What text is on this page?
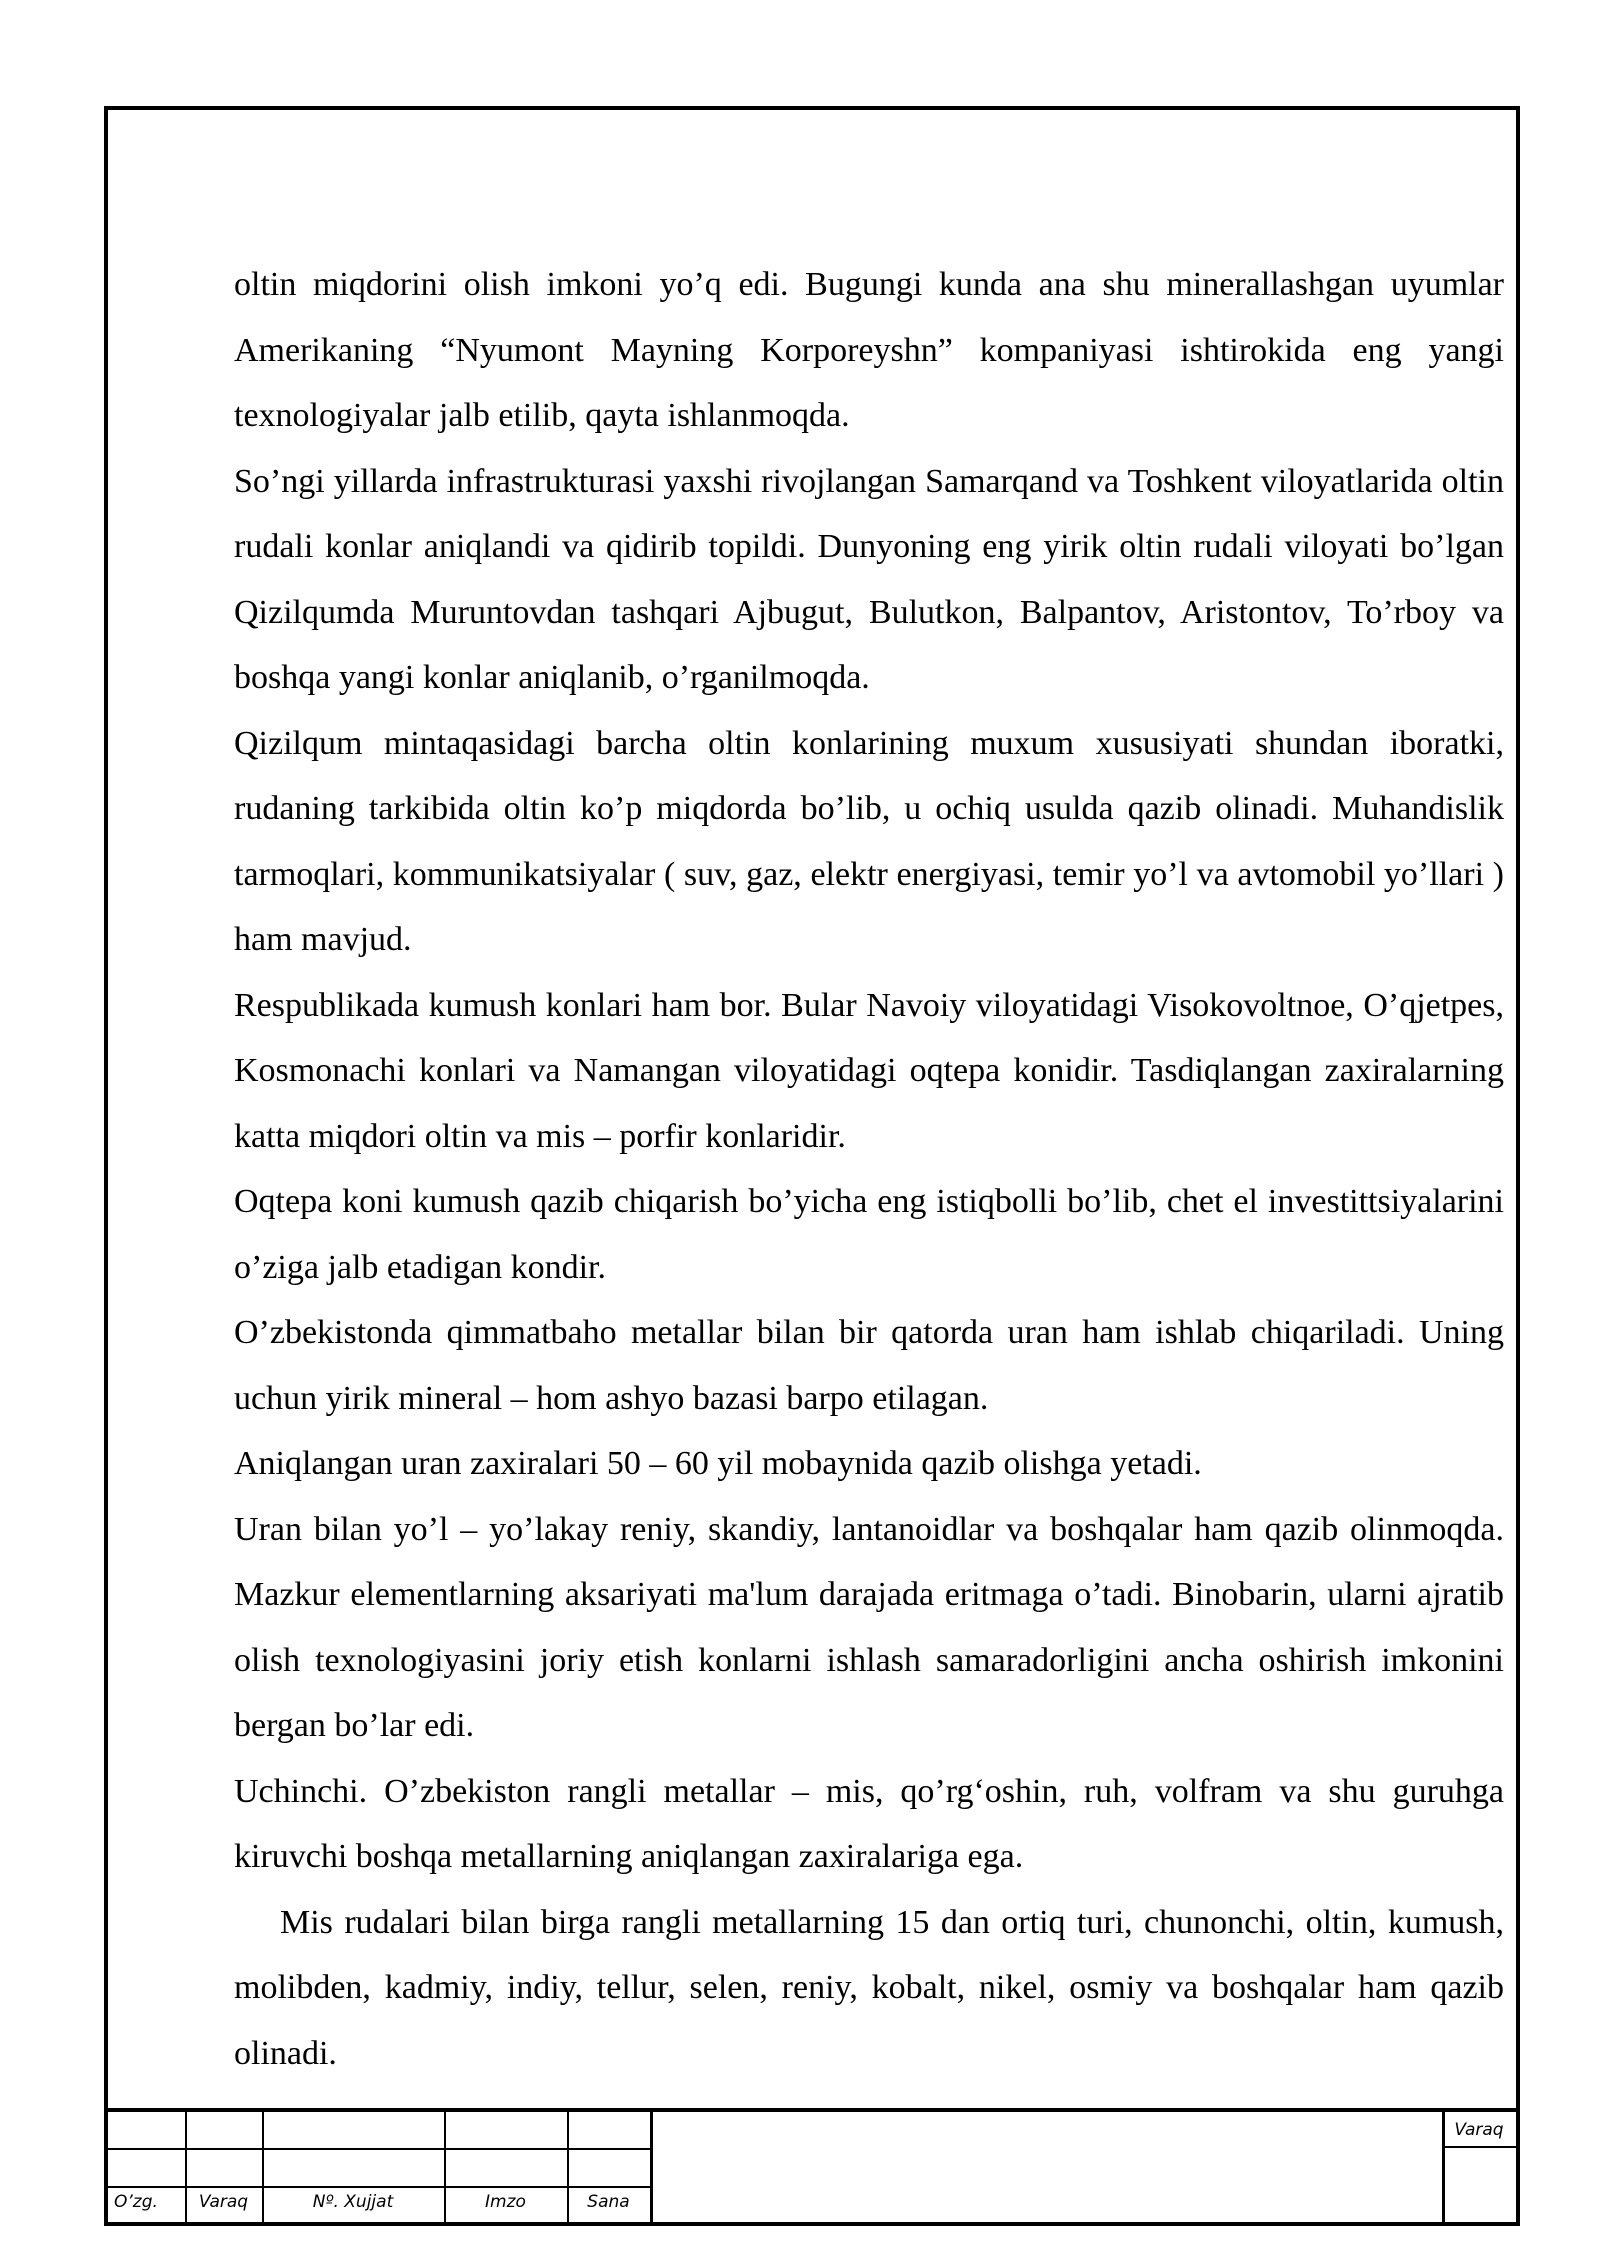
oltin miqdorini olish imkoni yo’q edi. Bugungi kunda ana shu minerallashgan uyumlar Amerikaning “Nyumont Mayning Korporeyshn” kompaniyasi ishtirokida eng yangi texnologiyalar jalb etilib, qayta ishlanmoqda.

So’ngi yillarda infrastrukturasi yaxshi rivojlangan Samarqand va Toshkent viloyatlarida oltin rudali konlar aniqlandi va qidirib topildi. Dunyoning eng yirik oltin rudali viloyati bo’lgan Qizilqumda Muruntovdan tashqari Ajbugut, Bulutkon, Balpantov, Aristontov, To’rboy va boshqa yangi konlar aniqlanib, o’rganilmoqda.

Qizilqum mintaqasidagi barcha oltin konlarining muxum xususiyati shundan iboratki, rudaning tarkibida oltin ko’p miqdorda bo’lib, u ochiq usulda qazib olinadi. Muhandislik tarmoqlari, kommunikatsiyalar ( suv, gaz, elektr energiyasi, temir yo’l va avtomobil yo’llari ) ham mavjud.

Respublikada kumush konlari ham bor. Bular Navoiy viloyatidagi Visokovoltnoe, O’qjetpes, Kosmonachi konlari va Namangan viloyatidagi oqtepa konidir. Tasdiqlangan zaxiralarning katta miqdori oltin va mis – porfir konlaridir.

Oqtepa koni kumush qazib chiqarish bo’yicha eng istiqbolli bo’lib, chet el investittsiyalarini o’ziga jalb etadigan kondir.

O’zbekistonda qimmatbaho metallar bilan bir qatorda uran ham ishlab chiqariladi. Uning uchun yirik mineral – hom ashyo bazasi barpo etilagan.

Aniqlangan uran zaxiralari 50 – 60 yil mobaynida qazib olishga yetadi.

Uran bilan yo’l – yo’lakay reniy, skandiy, lantanoidlar va boshqalar ham qazib olinmoqda. Mazkur elementlarning aksariyati ma'lum darajada eritmaga o’tadi. Binobarin, ularni ajratib olish texnologiyasini joriy etish konlarni ishlash samaradorligini ancha oshirish imkonini bergan bo’lar edi.

Uchinchi. O’zbekiston rangli metallar – mis, qo’rg‘oshin, ruh, volfram va shu guruhga kiruvchi boshqa metallarning aniqlangan zaxiralariga ega.

Mis rudalari bilan birga rangli metallarning 15 dan ortiq turi, chunonchi, oltin, kumush, molibden, kadmiy, indiy, tellur, selen, reniy, kobalt, nikel, osmiy va boshqalar ham qazib olinadi.

O’zg.	Varaq	Nº. Xujjat	Imzo	Sana
Varaq
